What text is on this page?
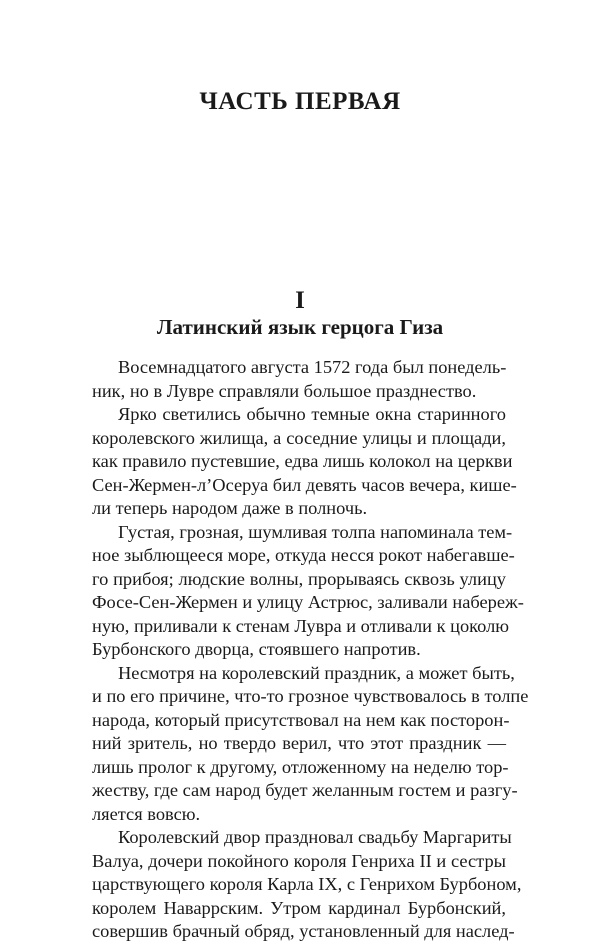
ЧАСТЬ ПЕРВАЯ
I
Латинский язык герцога Гиза
Восемнадцатого августа 1572 года был понедель-
ник, но в Лувре справляли большое празднество.
Ярко светились обычно темные окна старинного
королевского жилища, а соседние улицы и площади,
как правило пустевшие, едва лишь колокол на церкви
Сен-Жермен-л’Осеруа бил девять часов вечера, кише-
ли теперь народом даже в полночь.
Густая, грозная, шумливая толпа напоминала тем-
ное зыблющееся море, откуда несся рокот набегавше-
го прибоя; людские волны, прорываясь сквозь улицу
Фосе-Сен-Жермен и улицу Астрюс, заливали набереж-
ную, приливали к стенам Лувра и отливали к цоколю
Бурбонского дворца, стоявшего напротив.
Несмотря на королевский праздник, а может быть,
и по его причине, что-то грозное чувствовалось в толпе
народа, который присутствовал на нем как посторон-
ний зритель, но твердо верил, что этот праздник —
лишь пролог к другому, отложенному на неделю тор-
жеству, где сам народ будет желанным гостем и разгу-
ляется вовсю.
Королевский двор праздновал свадьбу Маргариты
Валуа, дочери покойного короля Генриха II и сестры
царствующего короля Карла IX, с Генрихом Бурбоном,
королем Наваррским. Утром кардинал Бурбонский,
совершив брачный обряд, установленный для наслед-
